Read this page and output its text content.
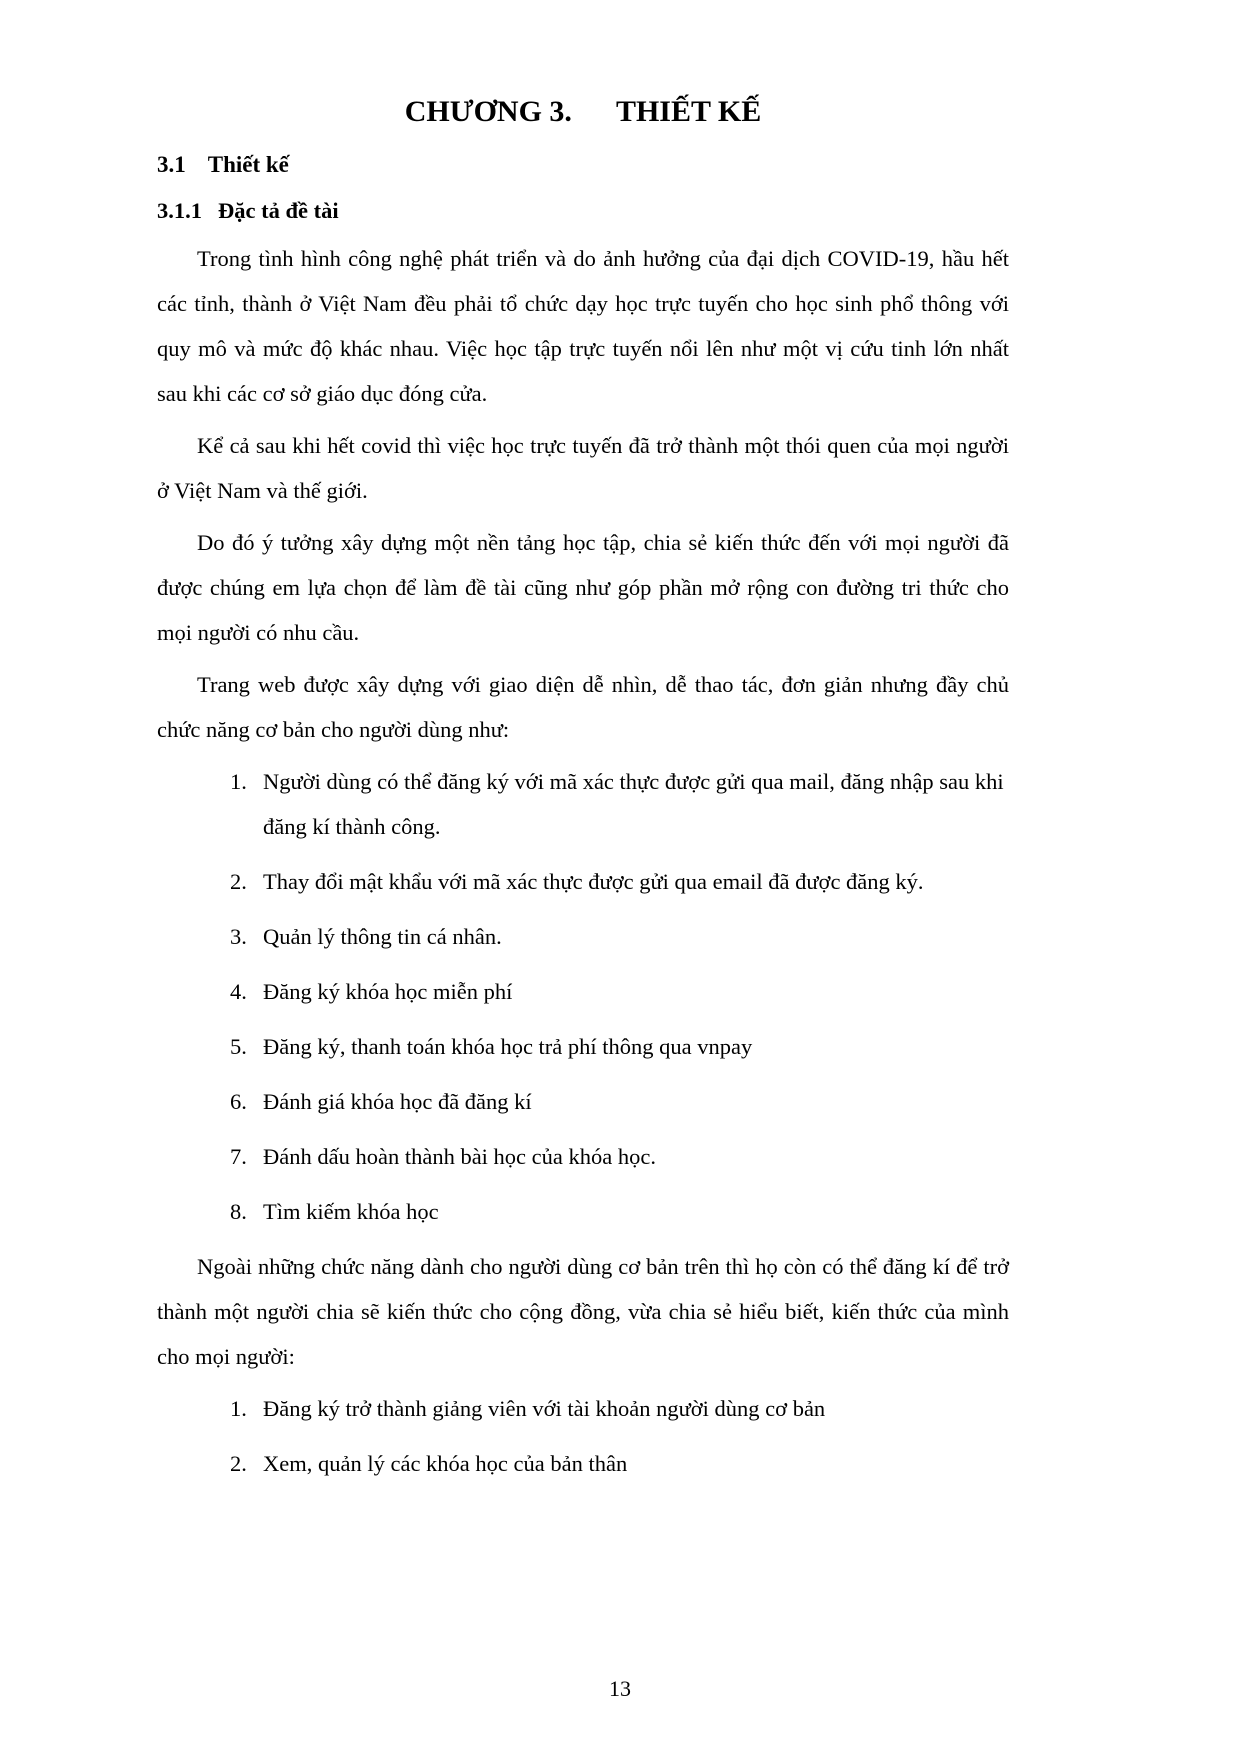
CHƯƠNG 3. THIẾT KẾ
3.1 Thiết kế
3.1.1 Đặc tả đề tài

Trong tình hình công nghệ phát triển và do ảnh hưởng của đại dịch COVID-19, hầu hết các tỉnh, thành ở Việt Nam đều phải tổ chức dạy học trực tuyến cho học sinh phổ thông với quy mô và mức độ khác nhau. Việc học tập trực tuyến nổi lên như một vị cứu tinh lớn nhất sau khi các cơ sở giáo dục đóng cửa.

Kể cả sau khi hết covid thì việc học trực tuyến đã trở thành một thói quen của mọi người ở Việt Nam và thế giới.

Do đó ý tưởng xây dựng một nền tảng học tập, chia sẻ kiến thức đến với mọi người đã được chúng em lựa chọn để làm đề tài cũng như góp phần mở rộng con đường tri thức cho mọi người có nhu cầu.

Trang web được xây dựng với giao diện dễ nhìn, dễ thao tác, đơn giản nhưng đầy chủ chức năng cơ bản cho người dùng như:

1. Người dùng có thể đăng ký với mã xác thực được gửi qua mail, đăng nhập sau khi đăng kí thành công.
2. Thay đổi mật khẩu với mã xác thực được gửi qua email đã được đăng ký.
3. Quản lý thông tin cá nhân.
4. Đăng ký khóa học miễn phí
5. Đăng ký, thanh toán khóa học trả phí thông qua vnpay
6. Đánh giá khóa học đã đăng kí
7. Đánh dấu hoàn thành bài học của khóa học.
8. Tìm kiếm khóa học

Ngoài những chức năng dành cho người dùng cơ bản trên thì họ còn có thể đăng kí để trở thành một người chia sẽ kiến thức cho cộng đồng, vừa chia sẻ hiểu biết, kiến thức của mình cho mọi người:

1. Đăng ký trở thành giảng viên với tài khoản người dùng cơ bản
2. Xem, quản lý các khóa học của bản thân
13
